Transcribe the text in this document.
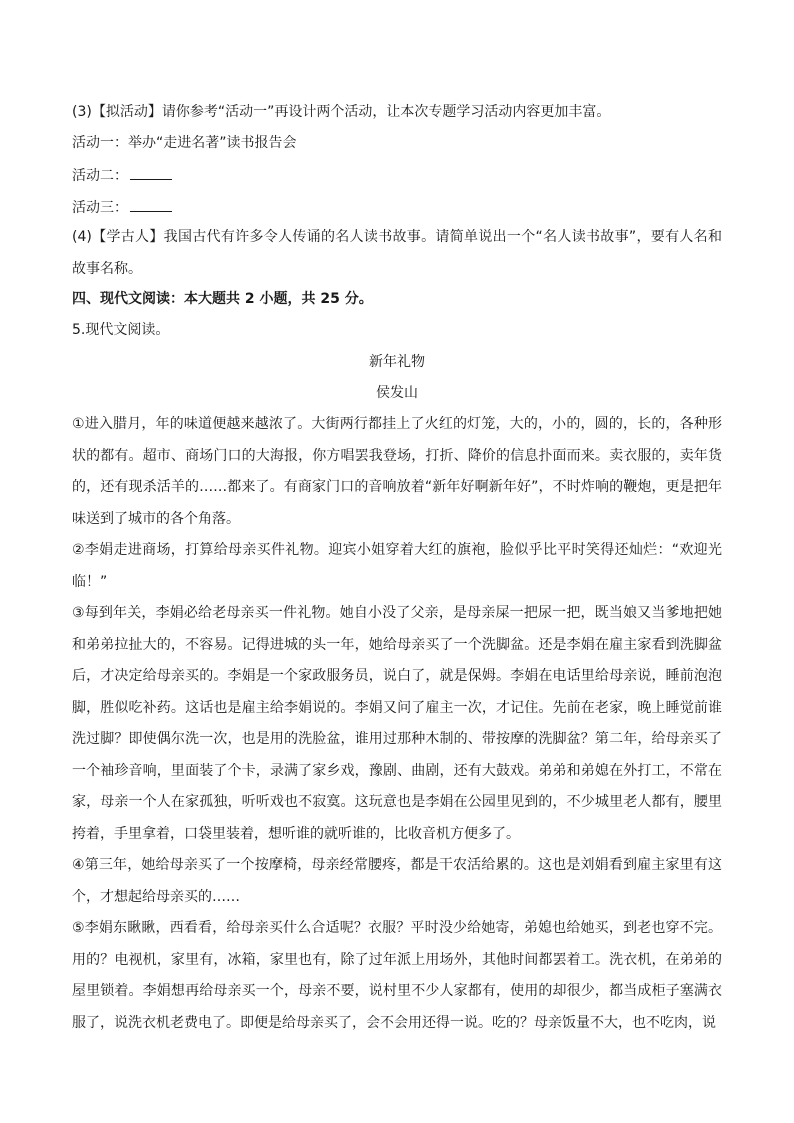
(3)【拟活动】请你参考“活动一”再设计两个活动，让本次专题学习活动内容更加丰富。
活动一：举办“走进名著”读书报告会
活动二：
活动三：
(4)【学古人】我国古代有许多令人传诵的名人读书故事。请简单说出一个“名人读书故事”，要有人名和故事名称。
四、现代文阅读：本大题共 2 小题，共 25 分。
5.现代文阅读。
新年礼物
侯发山
①进入腊月，年的味道便越来越浓了。大街两行都挂上了火红的灯笼，大的，小的，圆的，长的，各种形状的都有。超市、商场门口的大海报，你方唱罢我登场，打折、降价的信息扑面而来。卖衣服的，卖年货的，还有现杀活羊的……都来了。有商家门口的音响放着“新年好啊新年好”，不时炸响的鞭炮，更是把年味送到了城市的各个角落。
②李娟走进商场，打算给母亲买件礼物。迎宾小姐穿着大红的旗袍，脸似乎比平时笑得还灿烂：“欢迎光临！”
③每到年关，李娟必给老母亲买一件礼物。她自小没了父亲，是母亲屎一把尿一把，既当娘又当爹地把她和弟弟拉扯大的，不容易。记得进城的头一年，她给母亲买了一个洗脚盆。还是李娟在雇主家看到洗脚盆后，才决定给母亲买的。李娟是一个家政服务员，说白了，就是保姆。李娟在电话里给母亲说，睡前泡泡脚，胜似吃补药。这话也是雇主给李娟说的。李娟又问了雇主一次，才记住。先前在老家，晚上睡觉前谁洗过脚？即使偶尔洗一次，也是用的洗脸盆，谁用过那种木制的、带按摩的洗脚盆？第二年，给母亲买了一个袖珍音响，里面装了个卡，录满了家乡戏，豫剧、曲剧，还有大鼓戏。弟弟和弟媳在外打工，不常在家，母亲一个人在家孤独，听听戏也不寂寞。这玩意也是李娟在公园里见到的，不少城里老人都有，腰里挎着，手里拿着，口袋里装着，想听谁的就听谁的，比收音机方便多了。
④第三年，她给母亲买了一个按摩椅，母亲经常腰疼，都是干农活给累的。这也是刘娟看到雇主家里有这个，才想起给母亲买的……
⑤李娟东瞅瞅，西看看，给母亲买什么合适呢？衣服？平时没少给她寄，弟媳也给她买，到老也穿不完。用的？电视机，家里有，冰箱，家里也有，除了过年派上用场外，其他时间都罢着工。洗衣机，在弟弟的屋里锁着。李娟想再给母亲买一个，母亲不要，说村里不少人家都有，使用的却很少，都当成柜子塞满衣服了，说洗衣机老费电了。即便是给母亲买了，会不会用还得一说。吃的？母亲饭量不大，也不吃肉，说
